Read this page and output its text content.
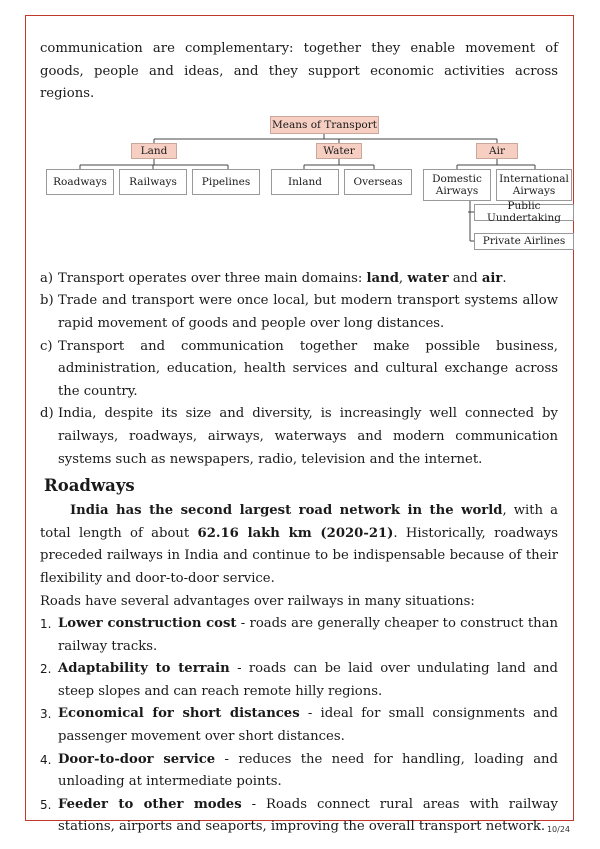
communication are complementary: together they enable movement of goods, people and ideas, and they support economic activities across regions.

Means of Transport
Land	Water	Air
Roadways	Railways	Pipelines	Inland	Overseas	Domestic Airways
International Airways
Public Uundertaking
Private Airlines
a) Transport operates over three main domains: land, water and air.
b) Trade and transport were once local, but modern transport systems allow rapid movement of goods and people over long distances.
c) Transport and communication together make possible business, administration, education, health services and cultural exchange across the country.
d) India, despite its size and diversity, is increasingly well connected by railways, roadways, airways, waterways and modern communication systems such as newspapers, radio, television and the internet.
Roadways

India has the second largest road network in the world, with a total length of about 62.16 lakh km (2020-21). Historically, roadways preceded railways in India and continue to be indispensable because of their flexibility and door-to-door service.

Roads have several advantages over railways in many situations:

1. Lower construction cost - roads are generally cheaper to construct than railway tracks.
2. Adaptability to terrain - roads can be laid over undulating land and steep slopes and can reach remote hilly regions.
3. Economical for short distances - ideal for small consignments and passenger movement over short distances.
4. Door-to-door service - reduces the need for handling, loading and unloading at intermediate points.
5. Feeder to other modes - Roads connect rural areas with railway stations, airports and seaports, improving the overall transport network. 10/24
